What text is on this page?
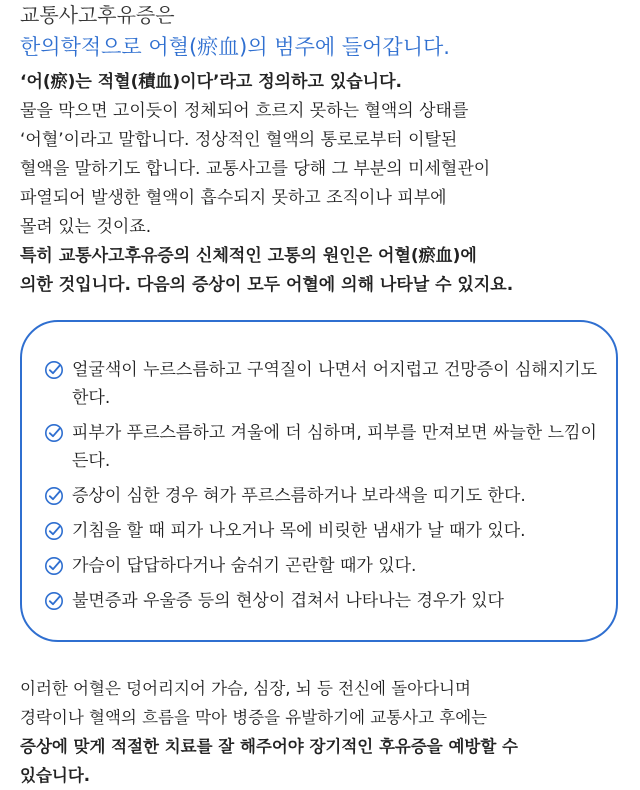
교통사고후유증은

한의학적으로 어혈(瘀血)의 범주에 들어갑니다.

‘어(瘀)는 적혈(積血)이다’라고 정의하고 있습니다.

물을 막으면 고이듯이 정체되어 흐르지 못하는 혈액의 상태를
‘어혈’이라고 말합니다. 정상적인 혈액의 통로로부터 이탈된
혈액을 말하기도 합니다. 교통사고를 당해 그 부분의 미세혈관이
파열되어 발생한 혈액이 흡수되지 못하고 조직이나 피부에
몰려 있는 것이죠.

특히 교통사고후유증의 신체적인 고통의 원인은 어혈(瘀血)에
의한 것입니다. 다음의 증상이 모두 어혈에 의해 나타날 수 있지요.

얼굴색이 누르스름하고 구역질이 나면서 어지럽고 건망증이 심해지기도 한다.
피부가 푸르스름하고 겨울에 더 심하며, 피부를 만져보면 싸늘한 느낌이 든다.
증상이 심한 경우 혀가 푸르스름하거나 보라색을 띠기도 한다.
기침을 할 때 피가 나오거나 목에 비릿한 냄새가 날 때가 있다.
가슴이 답답하다거나 숨쉬기 곤란할 때가 있다.
불면증과 우울증 등의 현상이 겹쳐서 나타나는 경우가 있다

이러한 어혈은 덩어리지어 가슴, 심장, 뇌 등 전신에 돌아다니며
경락이나 혈액의 흐름을 막아 병증을 유발하기에 교통사고 후에는

증상에 맞게 적절한 치료를 잘 해주어야 장기적인 후유증을 예방할 수
있습니다.
